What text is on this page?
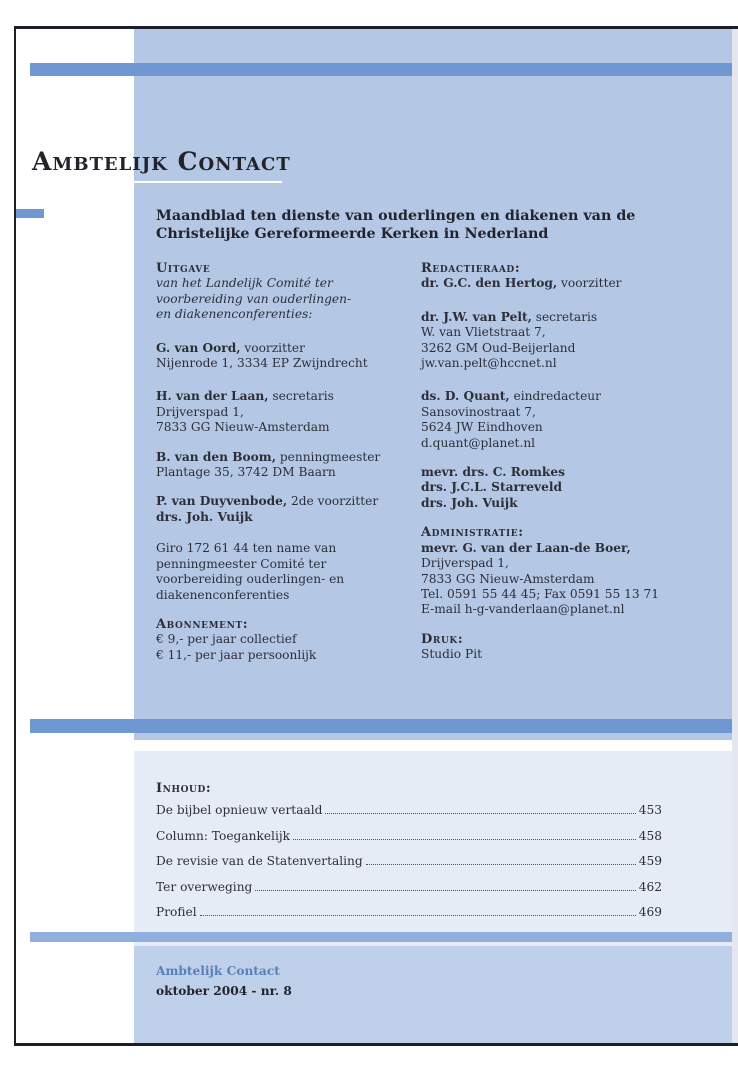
Ambtelijk Contact
Maandblad ten dienste van ouderlingen en diakenen van de Christelijke Gereformeerde Kerken in Nederland

Uitgave
van het Landelijk Comité ter
voorbereiding van ouderlingen-
en diakenenconferenties:

G. van Oord, voorzitter
Nijenrode 1, 3334 EP Zwijndrecht

H. van der Laan, secretaris
Drijverspad 1,
7833 GG Nieuw-Amsterdam

B. van den Boom, penningmeester
Plantage 35, 3742 DM Baarn

P. van Duyvenbode, 2de voorzitter
drs. Joh. Vuijk

Giro 172 61 44 ten name van
penningmeester Comité ter
voorbereiding ouderlingen- en
diakenenconferenties

Abonnement:
€ 9,- per jaar collectief
€ 11,- per jaar persoonlijk

Redactieraad:
dr. G.C. den Hertog, voorzitter

dr. J.W. van Pelt, secretaris
W. van Vlietstraat 7,
3262 GM Oud-Beijerland
jw.van.pelt@hccnet.nl

ds. D. Quant, eindredacteur
Sansovinostraat 7,
5624 JW Eindhoven
d.quant@planet.nl

mevr. drs. C. Romkes
drs. J.C.L. Starreveld
drs. Joh. Vuijk

Administratie:
mevr. G. van der Laan-de Boer,
Drijverspad 1,
7833 GG Nieuw-Amsterdam
Tel. 0591 55 44 45; Fax 0591 55 13 71
E-mail h-g-vanderlaan@planet.nl

Druk:
Studio Pit

Inhoud:
De bijbel opnieuw vertaald	453
Column: Toegankelijk	458
De revisie van de Statenvertaling	459
Ter overweging	462
Profiel	469
Ambtelijk Contact
oktober 2004 - nr. 8
